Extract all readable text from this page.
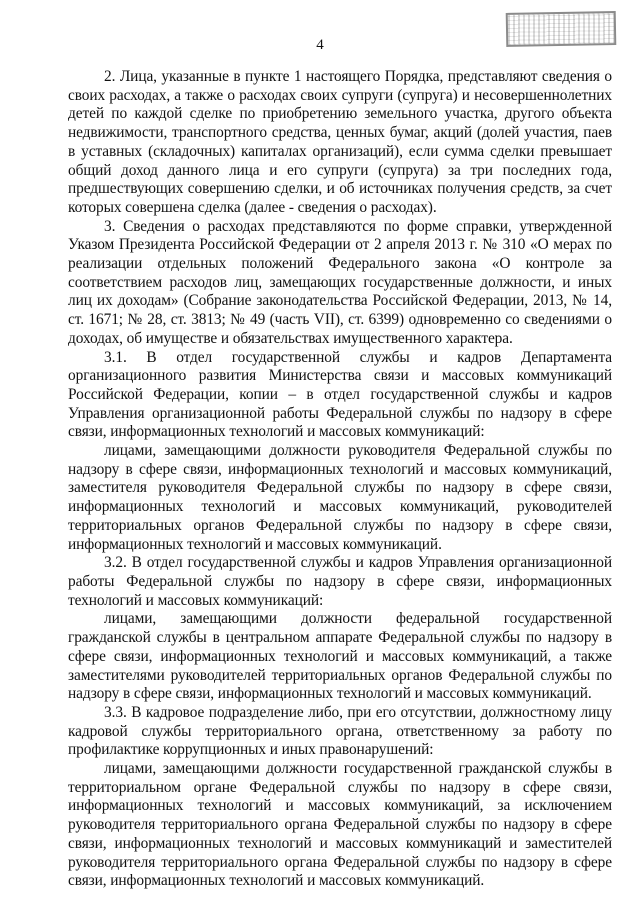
4

2. Лица, указанные в пункте 1 настоящего Порядка, представляют сведения о своих расходах, а также о расходах своих супруги (супруга) и несовершеннолетних детей по каждой сделке по приобретению земельного участка, другого объекта недвижимости, транспортного средства, ценных бумаг, акций (долей участия, паев в уставных (складочных) капиталах организаций), если сумма сделки превышает общий доход данного лица и его супруги (супруга) за три последних года, предшествующих совершению сделки, и об источниках получения средств, за счет которых совершена сделка (далее - сведения о расходах).

3. Сведения о расходах представляются по форме справки, утвержденной Указом Президента Российской Федерации от 2 апреля 2013 г. № 310 «О мерах по реализации отдельных положений Федерального закона «О контроле за соответствием расходов лиц, замещающих государственные должности, и иных лиц их доходам» (Собрание законодательства Российской Федерации, 2013, № 14, ст. 1671; № 28, ст. 3813; № 49 (часть VII), ст. 6399) одновременно со сведениями о доходах, об имуществе и обязательствах имущественного характера.

3.1. В отдел государственной службы и кадров Департамента организационного развития Министерства связи и массовых коммуникаций Российской Федерации, копии – в отдел государственной службы и кадров Управления организационной работы Федеральной службы по надзору в сфере связи, информационных технологий и массовых коммуникаций:

лицами, замещающими должности руководителя Федеральной службы по надзору в сфере связи, информационных технологий и массовых коммуникаций, заместителя руководителя Федеральной службы по надзору в сфере связи, информационных технологий и массовых коммуникаций, руководителей территориальных органов Федеральной службы по надзору в сфере связи, информационных технологий и массовых коммуникаций.

3.2. В отдел государственной службы и кадров Управления организационной работы Федеральной службы по надзору в сфере связи, информационных технологий и массовых коммуникаций:

лицами, замещающими должности федеральной государственной гражданской службы в центральном аппарате Федеральной службы по надзору в сфере связи, информационных технологий и массовых коммуникаций, а также заместителями руководителей территориальных органов Федеральной службы по надзору в сфере связи, информационных технологий и массовых коммуникаций.

3.3. В кадровое подразделение либо, при его отсутствии, должностному лицу кадровой службы территориального органа, ответственному за работу по профилактике коррупционных и иных правонарушений:

лицами, замещающими должности государственной гражданской службы в территориальном органе Федеральной службы по надзору в сфере связи, информационных технологий и массовых коммуникаций, за исключением руководителя территориального органа Федеральной службы по надзору в сфере связи, информационных технологий и массовых коммуникаций и заместителей руководителя территориального органа Федеральной службы по надзору в сфере связи, информационных технологий и массовых коммуникаций.
